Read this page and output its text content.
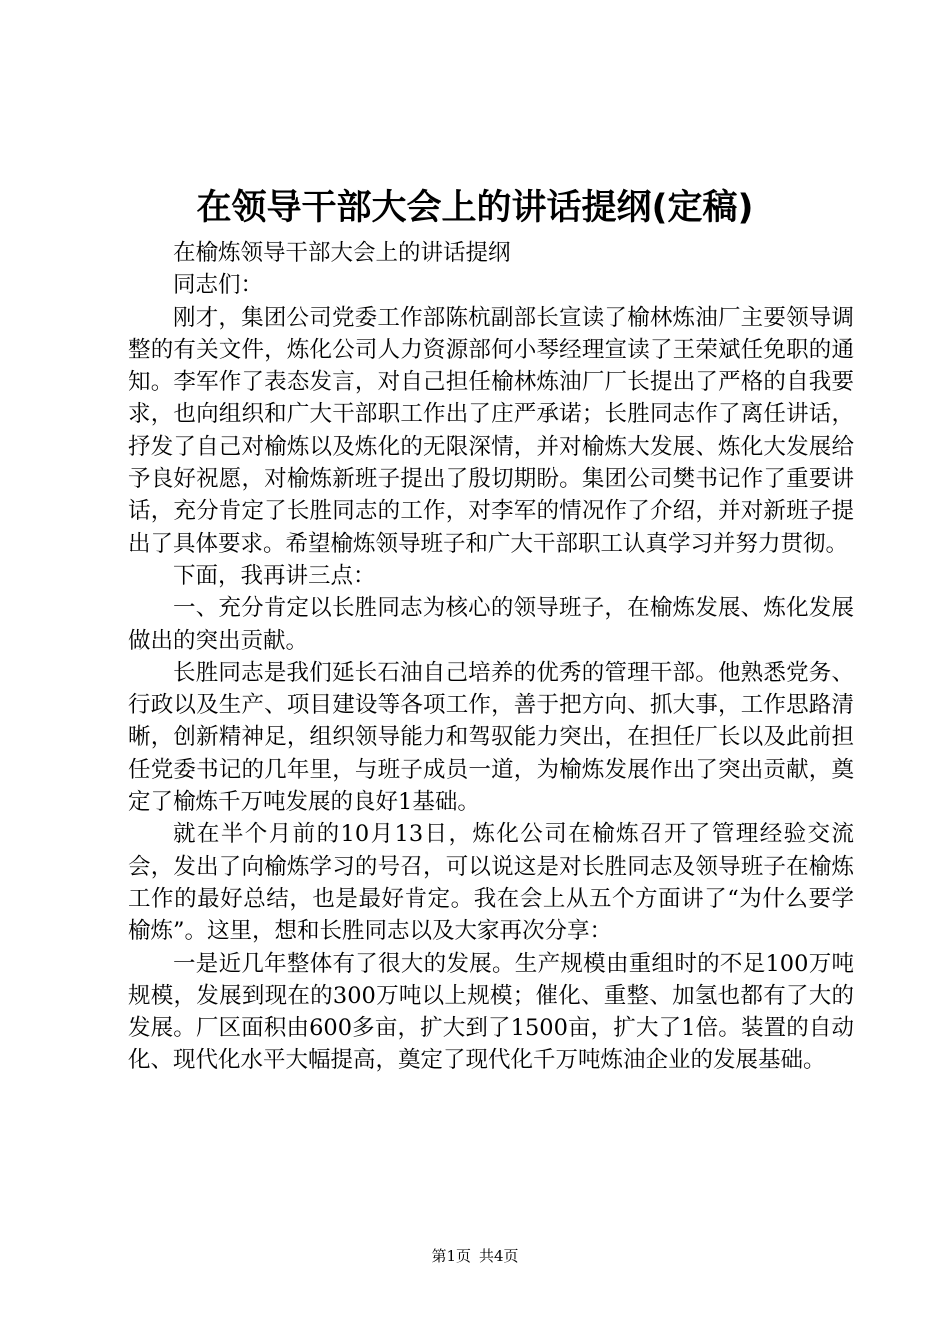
在领导干部大会上的讲话提纲(定稿)

在榆炼领导干部大会上的讲话提纲

同志们：

刚才，集团公司党委工作部陈杭副部长宣读了榆林炼油厂主要领导调整的有关文件，炼化公司人力资源部何小琴经理宣读了王荣斌任免职的通知。李军作了表态发言，对自己担任榆林炼油厂厂长提出了严格的自我要求，也向组织和广大干部职工作出了庄严承诺；长胜同志作了离任讲话，抒发了自己对榆炼以及炼化的无限深情，并对榆炼大发展、炼化大发展给予良好祝愿，对榆炼新班子提出了殷切期盼。集团公司樊书记作了重要讲话，充分肯定了长胜同志的工作，对李军的情况作了介绍，并对新班子提出了具体要求。希望榆炼领导班子和广大干部职工认真学习并努力贯彻。

下面，我再讲三点：

一、充分肯定以长胜同志为核心的领导班子，在榆炼发展、炼化发展做出的突出贡献。

长胜同志是我们延长石油自己培养的优秀的管理干部。他熟悉党务、行政以及生产、项目建设等各项工作，善于把方向、抓大事，工作思路清晰，创新精神足，组织领导能力和驾驭能力突出，在担任厂长以及此前担任党委书记的几年里，与班子成员一道，为榆炼发展作出了突出贡献，奠定了榆炼千万吨发展的良好1基础。

就在半个月前的10月13日，炼化公司在榆炼召开了管理经验交流会，发出了向榆炼学习的号召，可以说这是对长胜同志及领导班子在榆炼工作的最好总结，也是最好肯定。我在会上从五个方面讲了“为什么要学榆炼”。这里，想和长胜同志以及大家再次分享：

一是近几年整体有了很大的发展。生产规模由重组时的不足100万吨规模，发展到现在的300万吨以上规模；催化、重整、加氢也都有了大的发展。厂区面积由600多亩，扩大到了1500亩，扩大了1倍。装置的自动化、现代化水平大幅提高，奠定了现代化千万吨炼油企业的发展基础。

第1页 共4页
